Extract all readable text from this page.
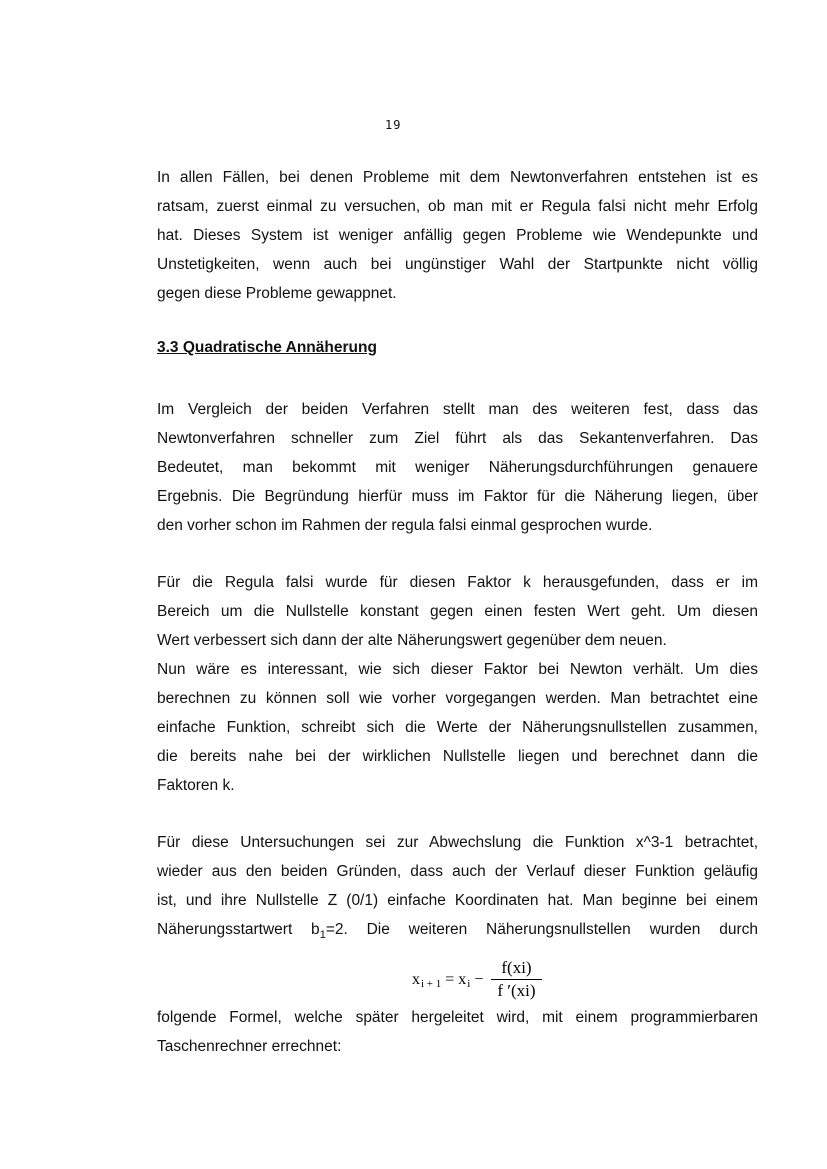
19
In allen Fällen, bei denen Probleme mit dem Newtonverfahren entstehen ist es
ratsam, zuerst einmal zu versuchen, ob man mit er Regula falsi nicht mehr Erfolg
hat. Dieses System ist weniger anfällig gegen Probleme wie Wendepunkte und
Unstetigkeiten, wenn auch bei ungünstiger Wahl der Startpunkte nicht völlig
gegen diese Probleme gewappnet.
3.3 Quadratische Annäherung
Im Vergleich der beiden Verfahren stellt man des weiteren fest, dass das
Newtonverfahren schneller zum Ziel führt als das Sekantenverfahren. Das
Bedeutet, man bekommt mit weniger Näherungsdurchführungen genauere
Ergebnis. Die Begründung hierfür muss im Faktor für die Näherung liegen, über
den vorher schon im Rahmen der regula falsi einmal gesprochen wurde.
Für die Regula falsi wurde für diesen Faktor k herausgefunden, dass er im
Bereich um die Nullstelle konstant gegen einen festen Wert geht. Um diesen
Wert verbessert sich dann der alte Näherungswert gegenüber dem neuen.
Nun wäre es interessant, wie sich dieser Faktor bei Newton verhält. Um dies
berechnen zu können soll wie vorher vorgegangen werden. Man betrachtet eine
einfache Funktion, schreibt sich die Werte der Näherungsnullstellen zusammen,
die bereits nahe bei der wirklichen Nullstelle liegen und berechnet dann die
Faktoren k.
Für diese Untersuchungen sei zur Abwechslung die Funktion x^3-1 betrachtet,
wieder aus den beiden Gründen, dass auch der Verlauf dieser Funktion geläufig
ist, und ihre Nullstelle Z (0/1) einfache Koordinaten hat. Man beginne bei einem
Näherungsstartwert $b_1=2$. Die weiteren Näherungsnullstellen wurden durch
x i + 1 = x $i - \frac{f(xi)}{f '(xi)}$
folgende Formel, welche später hergeleitet wird, mit einem programmierbaren
Taschenrechner errechnet:
